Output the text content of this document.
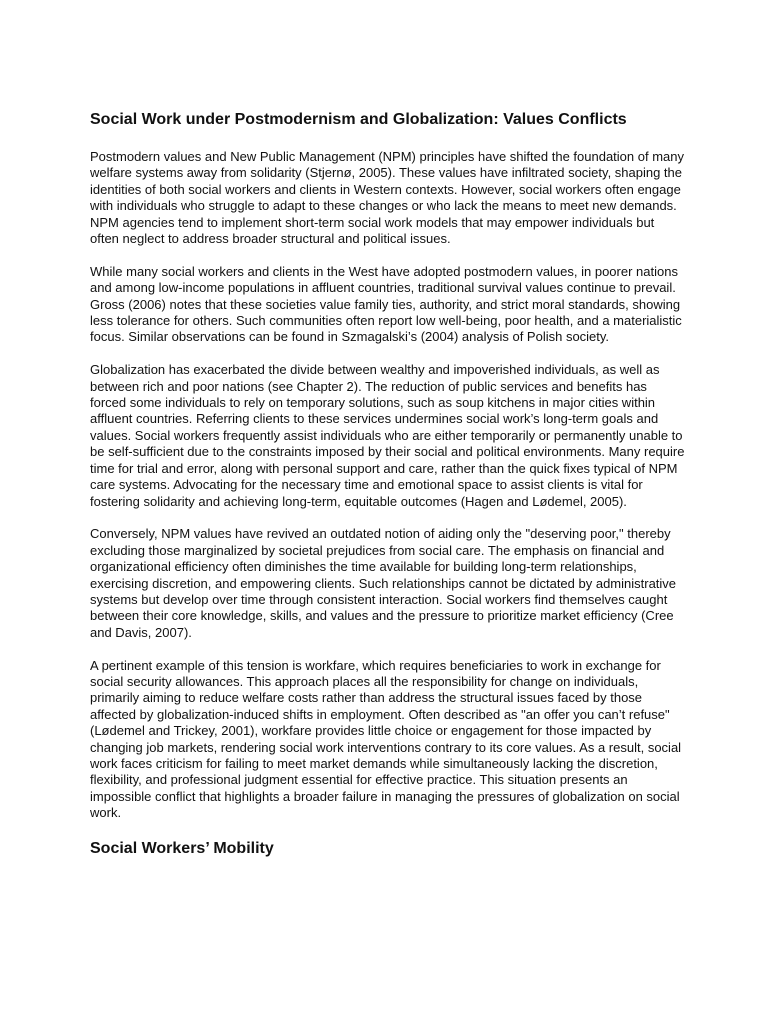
Social Work under Postmodernism and Globalization: Values Conflicts

Postmodern values and New Public Management (NPM) principles have shifted the foundation of many welfare systems away from solidarity (Stjernø, 2005). These values have infiltrated society, shaping the identities of both social workers and clients in Western contexts. However, social workers often engage with individuals who struggle to adapt to these changes or who lack the means to meet new demands. NPM agencies tend to implement short-term social work models that may empower individuals but often neglect to address broader structural and political issues.

While many social workers and clients in the West have adopted postmodern values, in poorer nations and among low-income populations in affluent countries, traditional survival values continue to prevail. Gross (2006) notes that these societies value family ties, authority, and strict moral standards, showing less tolerance for others. Such communities often report low well-being, poor health, and a materialistic focus. Similar observations can be found in Szmagalski’s (2004) analysis of Polish society.

Globalization has exacerbated the divide between wealthy and impoverished individuals, as well as between rich and poor nations (see Chapter 2). The reduction of public services and benefits has forced some individuals to rely on temporary solutions, such as soup kitchens in major cities within affluent countries. Referring clients to these services undermines social work’s long-term goals and values. Social workers frequently assist individuals who are either temporarily or permanently unable to be self-sufficient due to the constraints imposed by their social and political environments. Many require time for trial and error, along with personal support and care, rather than the quick fixes typical of NPM care systems. Advocating for the necessary time and emotional space to assist clients is vital for fostering solidarity and achieving long-term, equitable outcomes (Hagen and Lødemel, 2005).

Conversely, NPM values have revived an outdated notion of aiding only the "deserving poor," thereby excluding those marginalized by societal prejudices from social care. The emphasis on financial and organizational efficiency often diminishes the time available for building long-term relationships, exercising discretion, and empowering clients. Such relationships cannot be dictated by administrative systems but develop over time through consistent interaction. Social workers find themselves caught between their core knowledge, skills, and values and the pressure to prioritize market efficiency (Cree and Davis, 2007).

A pertinent example of this tension is workfare, which requires beneficiaries to work in exchange for social security allowances. This approach places all the responsibility for change on individuals, primarily aiming to reduce welfare costs rather than address the structural issues faced by those affected by globalization-induced shifts in employment. Often described as "an offer you can’t refuse" (Lødemel and Trickey, 2001), workfare provides little choice or engagement for those impacted by changing job markets, rendering social work interventions contrary to its core values. As a result, social work faces criticism for failing to meet market demands while simultaneously lacking the discretion, flexibility, and professional judgment essential for effective practice. This situation presents an impossible conflict that highlights a broader failure in managing the pressures of globalization on social work.

Social Workers’ Mobility
